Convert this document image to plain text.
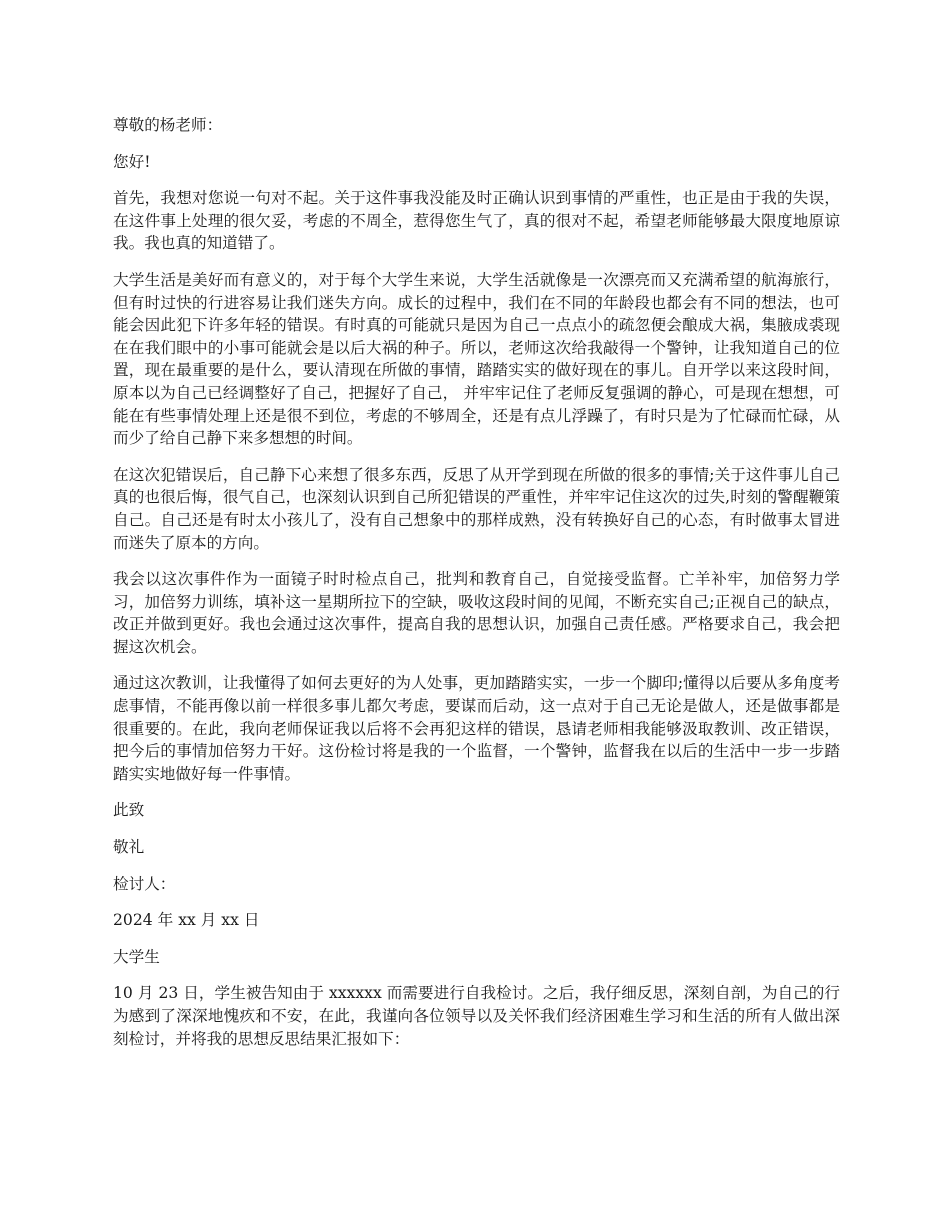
尊敬的杨老师：

您好!

首先，我想对您说一句对不起。关于这件事我没能及时正确认识到事情的严重性，也正是由于我的失误，在这件事上处理的很欠妥，考虑的不周全，惹得您生气了，真的很对不起，希望老师能够最大限度地原谅我。我也真的知道错了。

大学生活是美好而有意义的，对于每个大学生来说，大学生活就像是一次漂亮而又充满希望的航海旅行，但有时过快的行进容易让我们迷失方向。成长的过程中，我们在不同的年龄段也都会有不同的想法，也可能会因此犯下许多年轻的错误。有时真的可能就只是因为自己一点点小的疏忽便会酿成大祸，集腋成裘现在在我们眼中的小事可能就会是以后大祸的种子。所以，老师这次给我敲得一个警钟，让我知道自己的位置，现在最重要的是什么，要认清现在所做的事情，踏踏实实的做好现在的事儿。自开学以来这段时间，原本以为自己已经调整好了自己，把握好了自己， 并牢牢记住了老师反复强调的静心，可是现在想想，可能在有些事情处理上还是很不到位，考虑的不够周全，还是有点儿浮躁了，有时只是为了忙碌而忙碌，从而少了给自己静下来多想想的时间。

在这次犯错误后，自己静下心来想了很多东西，反思了从开学到现在所做的很多的事情;关于这件事儿自己真的也很后悔，很气自己，也深刻认识到自己所犯错误的严重性，并牢牢记住这次的过失,时刻的警醒鞭策自己。自己还是有时太小孩儿了，没有自己想象中的那样成熟，没有转换好自己的心态，有时做事太冒进而迷失了原本的方向。

我会以这次事件作为一面镜子时时检点自己，批判和教育自己，自觉接受监督。亡羊补牢，加倍努力学习，加倍努力训练，填补这一星期所拉下的空缺，吸收这段时间的见闻，不断充实自己;正视自己的缺点，改正并做到更好。我也会通过这次事件，提高自我的思想认识，加强自己责任感。严格要求自己，我会把握这次机会。

通过这次教训，让我懂得了如何去更好的为人处事，更加踏踏实实，一步一个脚印;懂得以后要从多角度考虑事情，不能再像以前一样很多事儿都欠考虑，要谋而后动，这一点对于自己无论是做人，还是做事都是很重要的。在此，我向老师保证我以后将不会再犯这样的错误，恳请老师相我能够汲取教训、改正错误，把今后的事情加倍努力干好。这份检讨将是我的一个监督，一个警钟，监督我在以后的生活中一步一步踏踏实实地做好每一件事情。

此致

敬礼

检讨人：

2024 年 xx 月 xx 日

大学生

10 月 23 日，学生被告知由于 xxxxxx 而需要进行自我检讨。之后，我仔细反思，深刻自剖，为自己的行为感到了深深地愧疚和不安，在此，我谨向各位领导以及关怀我们经济困难生学习和生活的所有人做出深刻检讨，并将我的思想反思结果汇报如下：
